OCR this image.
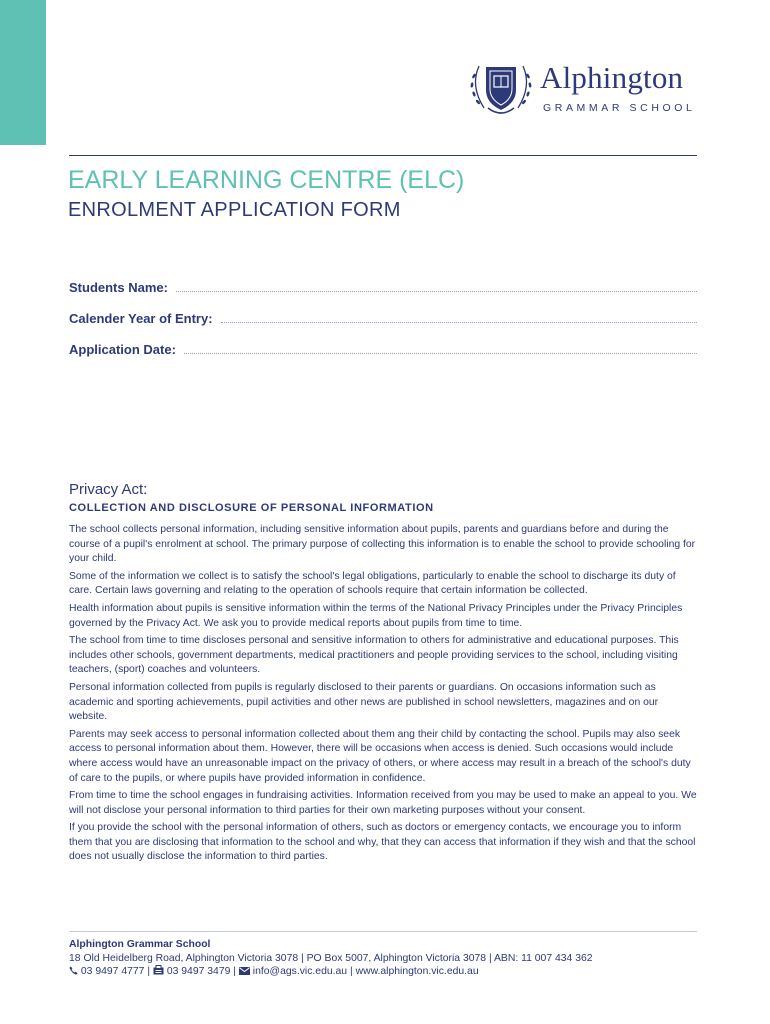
Alphington
GRAMMAR SCHOOL
EARLY LEARNING CENTRE (ELC)
ENROLMENT APPLICATION FORM
Students Name:
Calender Year of Entry:
Application Date:
Privacy Act:
COLLECTION AND DISCLOSURE OF PERSONAL INFORMATION

The school collects personal information, including sensitive information about pupils, parents and guardians before and during the course of a pupil's enrolment at school. The primary purpose of collecting this information is to enable the school to provide schooling for your child.

Some of the information we collect is to satisfy the school's legal obligations, particularly to enable the school to discharge its duty of care. Certain laws governing and relating to the operation of schools require that certain information be collected.

Health information about pupils is sensitive information within the terms of the National Privacy Principles under the Privacy Principles governed by the Privacy Act. We ask you to provide medical reports about pupils from time to time.

The school from time to time discloses personal and sensitive information to others for administrative and educational purposes. This includes other schools, government departments, medical practitioners and people providing services to the school, including visiting teachers, (sport) coaches and volunteers.

Personal information collected from pupils is regularly disclosed to their parents or guardians. On occasions information such as academic and sporting achievements, pupil activities and other news are published in school newsletters, magazines and on our website.

Parents may seek access to personal information collected about them ang their child by contacting the school. Pupils may also seek access to personal information about them. However, there will be occasions when access is denied. Such occasions would include where access would have an unreasonable impact on the privacy of others, or where access may result in a breach of the school's duty of care to the pupils, or where pupils have provided information in confidence.

From time to time the school engages in fundraising activities. Information received from you may be used to make an appeal to you. We will not disclose your personal information to third parties for their own marketing purposes without your consent.

If you provide the school with the personal information of others, such as doctors or emergency contacts, we encourage you to inform them that you are disclosing that information to the school and why, that they can access that information if they wish and that the school does not usually disclose the information to third parties.

Alphington Grammar School
18 Old Heidelberg Road, Alphington Victoria 3078 | PO Box 5007, Alphington Victoria 3078 | ABN: 11 007 434 362
03 9497 4777 | 03 9497 3479 | info@ags.vic.edu.au | www.alphington.vic.edu.au
